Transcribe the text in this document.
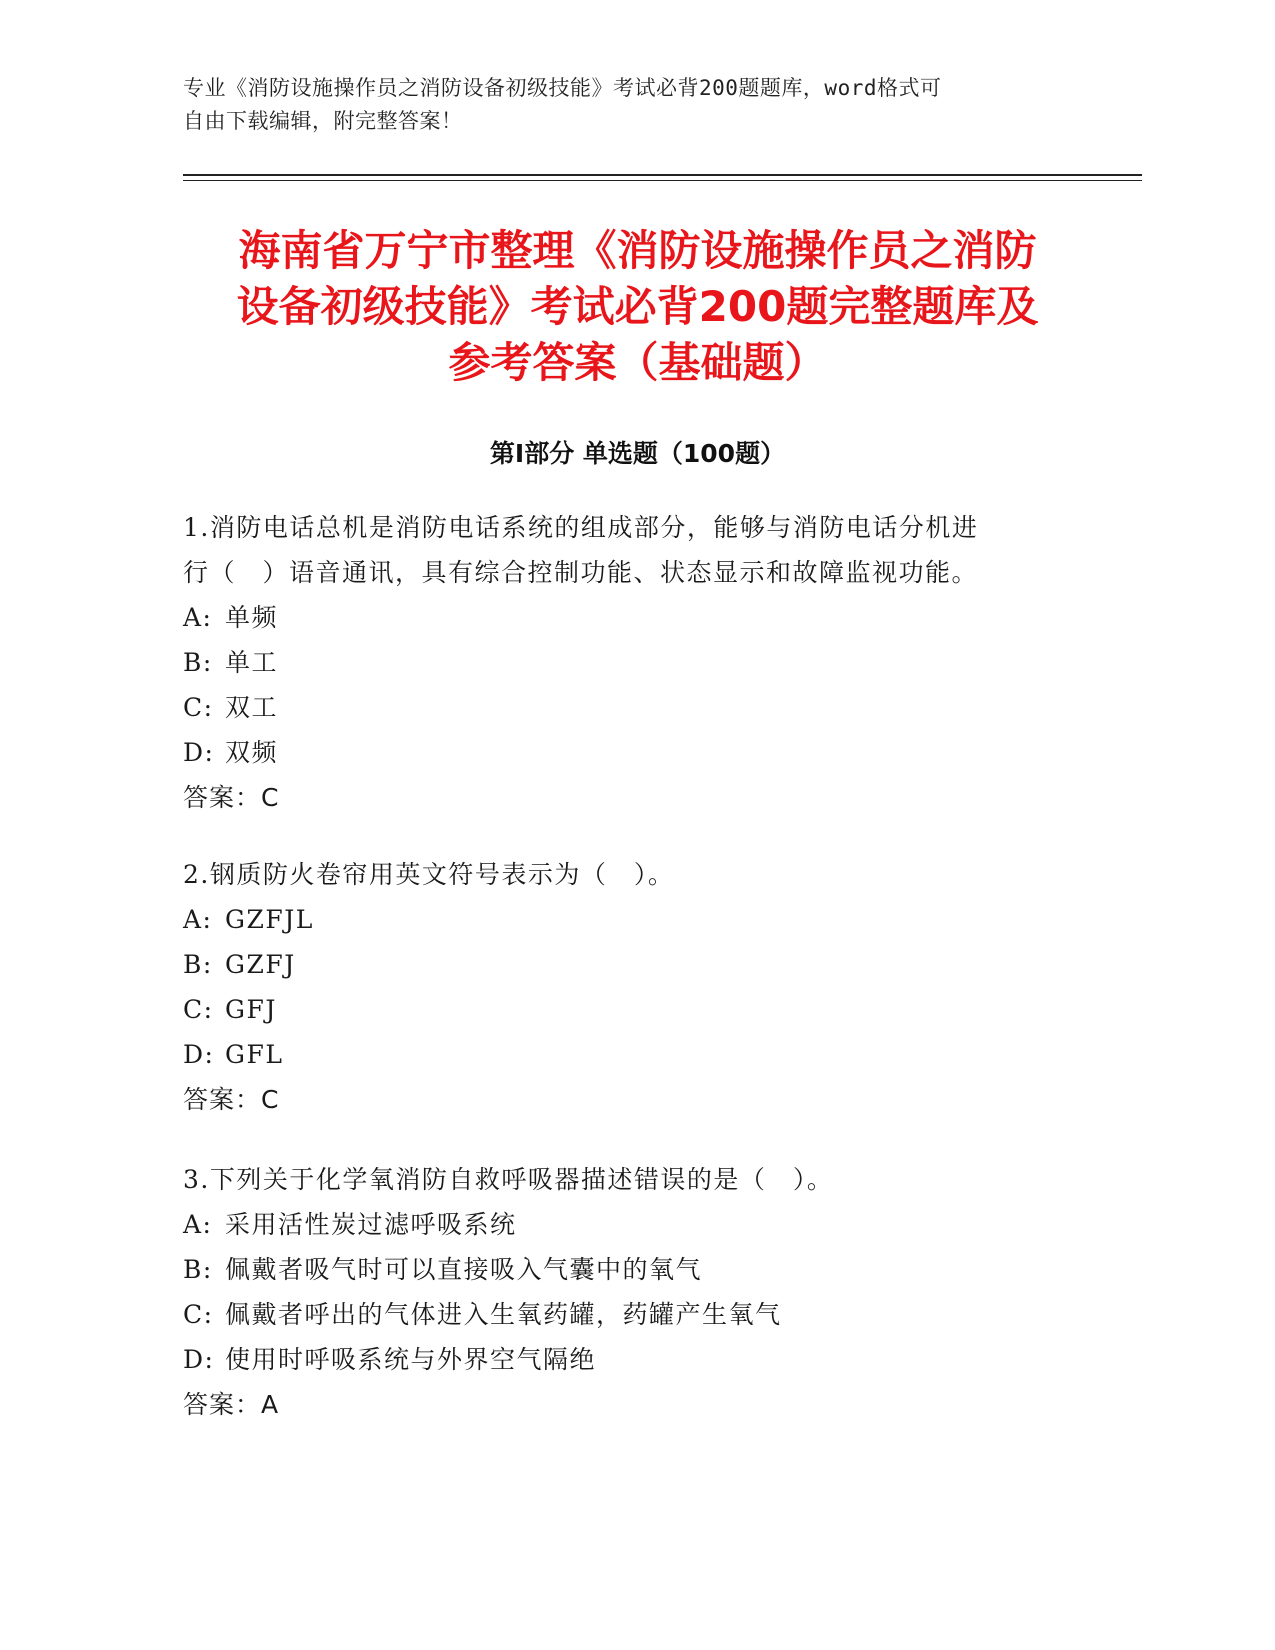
专业《消防设施操作员之消防设备初级技能》考试必背200题题库，word格式可
自由下载编辑，附完整答案！
海南省万宁市整理《消防设施操作员之消防
设备初级技能》考试必背200题完整题库及
参考答案（基础题）
第Ⅰ部分 单选题（100题）
1.消防电话总机是消防电话系统的组成部分，能够与消防电话分机进
行（　）语音通讯，具有综合控制功能、状态显示和故障监视功能。
A: 单频
B: 单工
C: 双工
D: 双频
答案：C
2.钢质防火卷帘用英文符号表示为（　）。
A: GZFJL
B: GZFJ
C: GFJ
D: GFL
答案：C
3.下列关于化学氧消防自救呼吸器描述错误的是（　）。
A: 采用活性炭过滤呼吸系统
B: 佩戴者吸气时可以直接吸入气囊中的氧气
C: 佩戴者呼出的气体进入生氧药罐，药罐产生氧气
D: 使用时呼吸系统与外界空气隔绝
答案：A
